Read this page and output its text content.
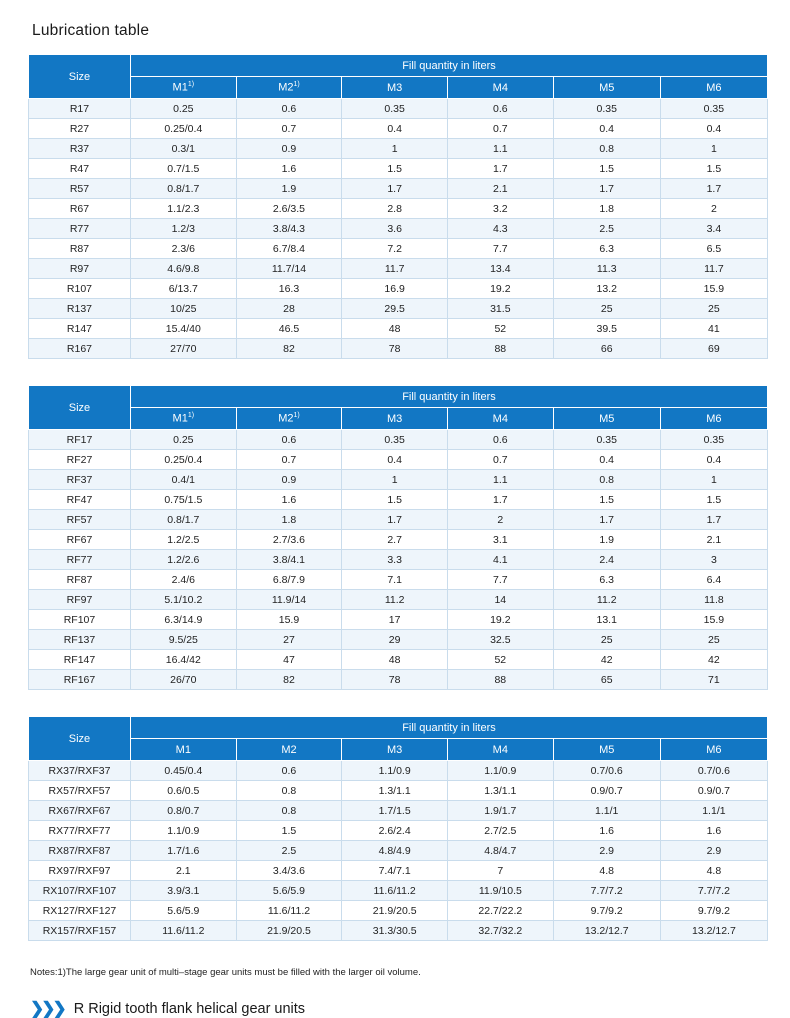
Lubrication table
Size	Fill quantity in liters					
	M1$^{1)}$	M2$^{1)}$	M3	M4	M5	M6
R17	0.25	0.6	0.35	0.6	0.35	0.35
R27	0.25/0.4	0.7	0.4	0.7	0.4	0.4
R37	0.3/1	0.9	1	1.1	0.8	1
R47	0.7/1.5	1.6	1.5	1.7	1.5	1.5
R57	0.8/1.7	1.9	1.7	2.1	1.7	1.7
R67	1.1/2.3	2.6/3.5	2.8	3.2	1.8	2
R77	1.2/3	3.8/4.3	3.6	4.3	2.5	3.4
R87	2.3/6	6.7/8.4	7.2	7.7	6.3	6.5
R97	4.6/9.8	11.7/14	11.7	13.4	11.3	11.7
R107	6/13.7	16.3	16.9	19.2	13.2	15.9
R137	10/25	28	29.5	31.5	25	25
R147	15.4/40	46.5	48	52	39.5	41
R167	27/70	82	78	88	66	69
Size	Fill quantity in liters					
	M1$^{1)}$	M2$^{1)}$	M3	M4	M5	M6
RF17	0.25	0.6	0.35	0.6	0.35	0.35
RF27	0.25/0.4	0.7	0.4	0.7	0.4	0.4
RF37	0.4/1	0.9	1	1.1	0.8	1
RF47	0.75/1.5	1.6	1.5	1.7	1.5	1.5
RF57	0.8/1.7	1.8	1.7	2	1.7	1.7
RF67	1.2/2.5	2.7/3.6	2.7	3.1	1.9	2.1
RF77	1.2/2.6	3.8/4.1	3.3	4.1	2.4	3
RF87	2.4/6	6.8/7.9	7.1	7.7	6.3	6.4
RF97	5.1/10.2	11.9/14	11.2	14	11.2	11.8
RF107	6.3/14.9	15.9	17	19.2	13.1	15.9
RF137	9.5/25	27	29	32.5	25	25
RF147	16.4/42	47	48	52	42	42
RF167	26/70	82	78	88	65	71
Size	Fill quantity in liters					
	M1	M2	M3	M4	M5	M6
RX37/RXF37	0.45/0.4	0.6	1.1/0.9	1.1/0.9	0.7/0.6	0.7/0.6
RX57/RXF57	0.6/0.5	0.8	1.3/1.1	1.3/1.1	0.9/0.7	0.9/0.7
RX67/RXF67	0.8/0.7	0.8	1.7/1.5	1.9/1.7	1.1/1	1.1/1
RX77/RXF77	1.1/0.9	1.5	2.6/2.4	2.7/2.5	1.6	1.6
RX87/RXF87	1.7/1.6	2.5	4.8/4.9	4.8/4.7	2.9	2.9
RX97/RXF97	2.1	3.4/3.6	7.4/7.1	7	4.8	4.8
RX107/RXF107	3.9/3.1	5.6/5.9	11.6/11.2	11.9/10.5	7.7/7.2	7.7/7.2
RX127/RXF127	5.6/5.9	11.6/11.2	21.9/20.5	22.7/22.2	9.7/9.2	9.7/9.2
RX157/RXF157	11.6/11.2	21.9/20.5	31.3/30.5	32.7/32.2	13.2/12.7	13.2/12.7
Notes:1)The large gear unit of multi–stage gear units must be filled with the larger oil volume.
❯❯❯ R Rigid tooth flank helical gear units
